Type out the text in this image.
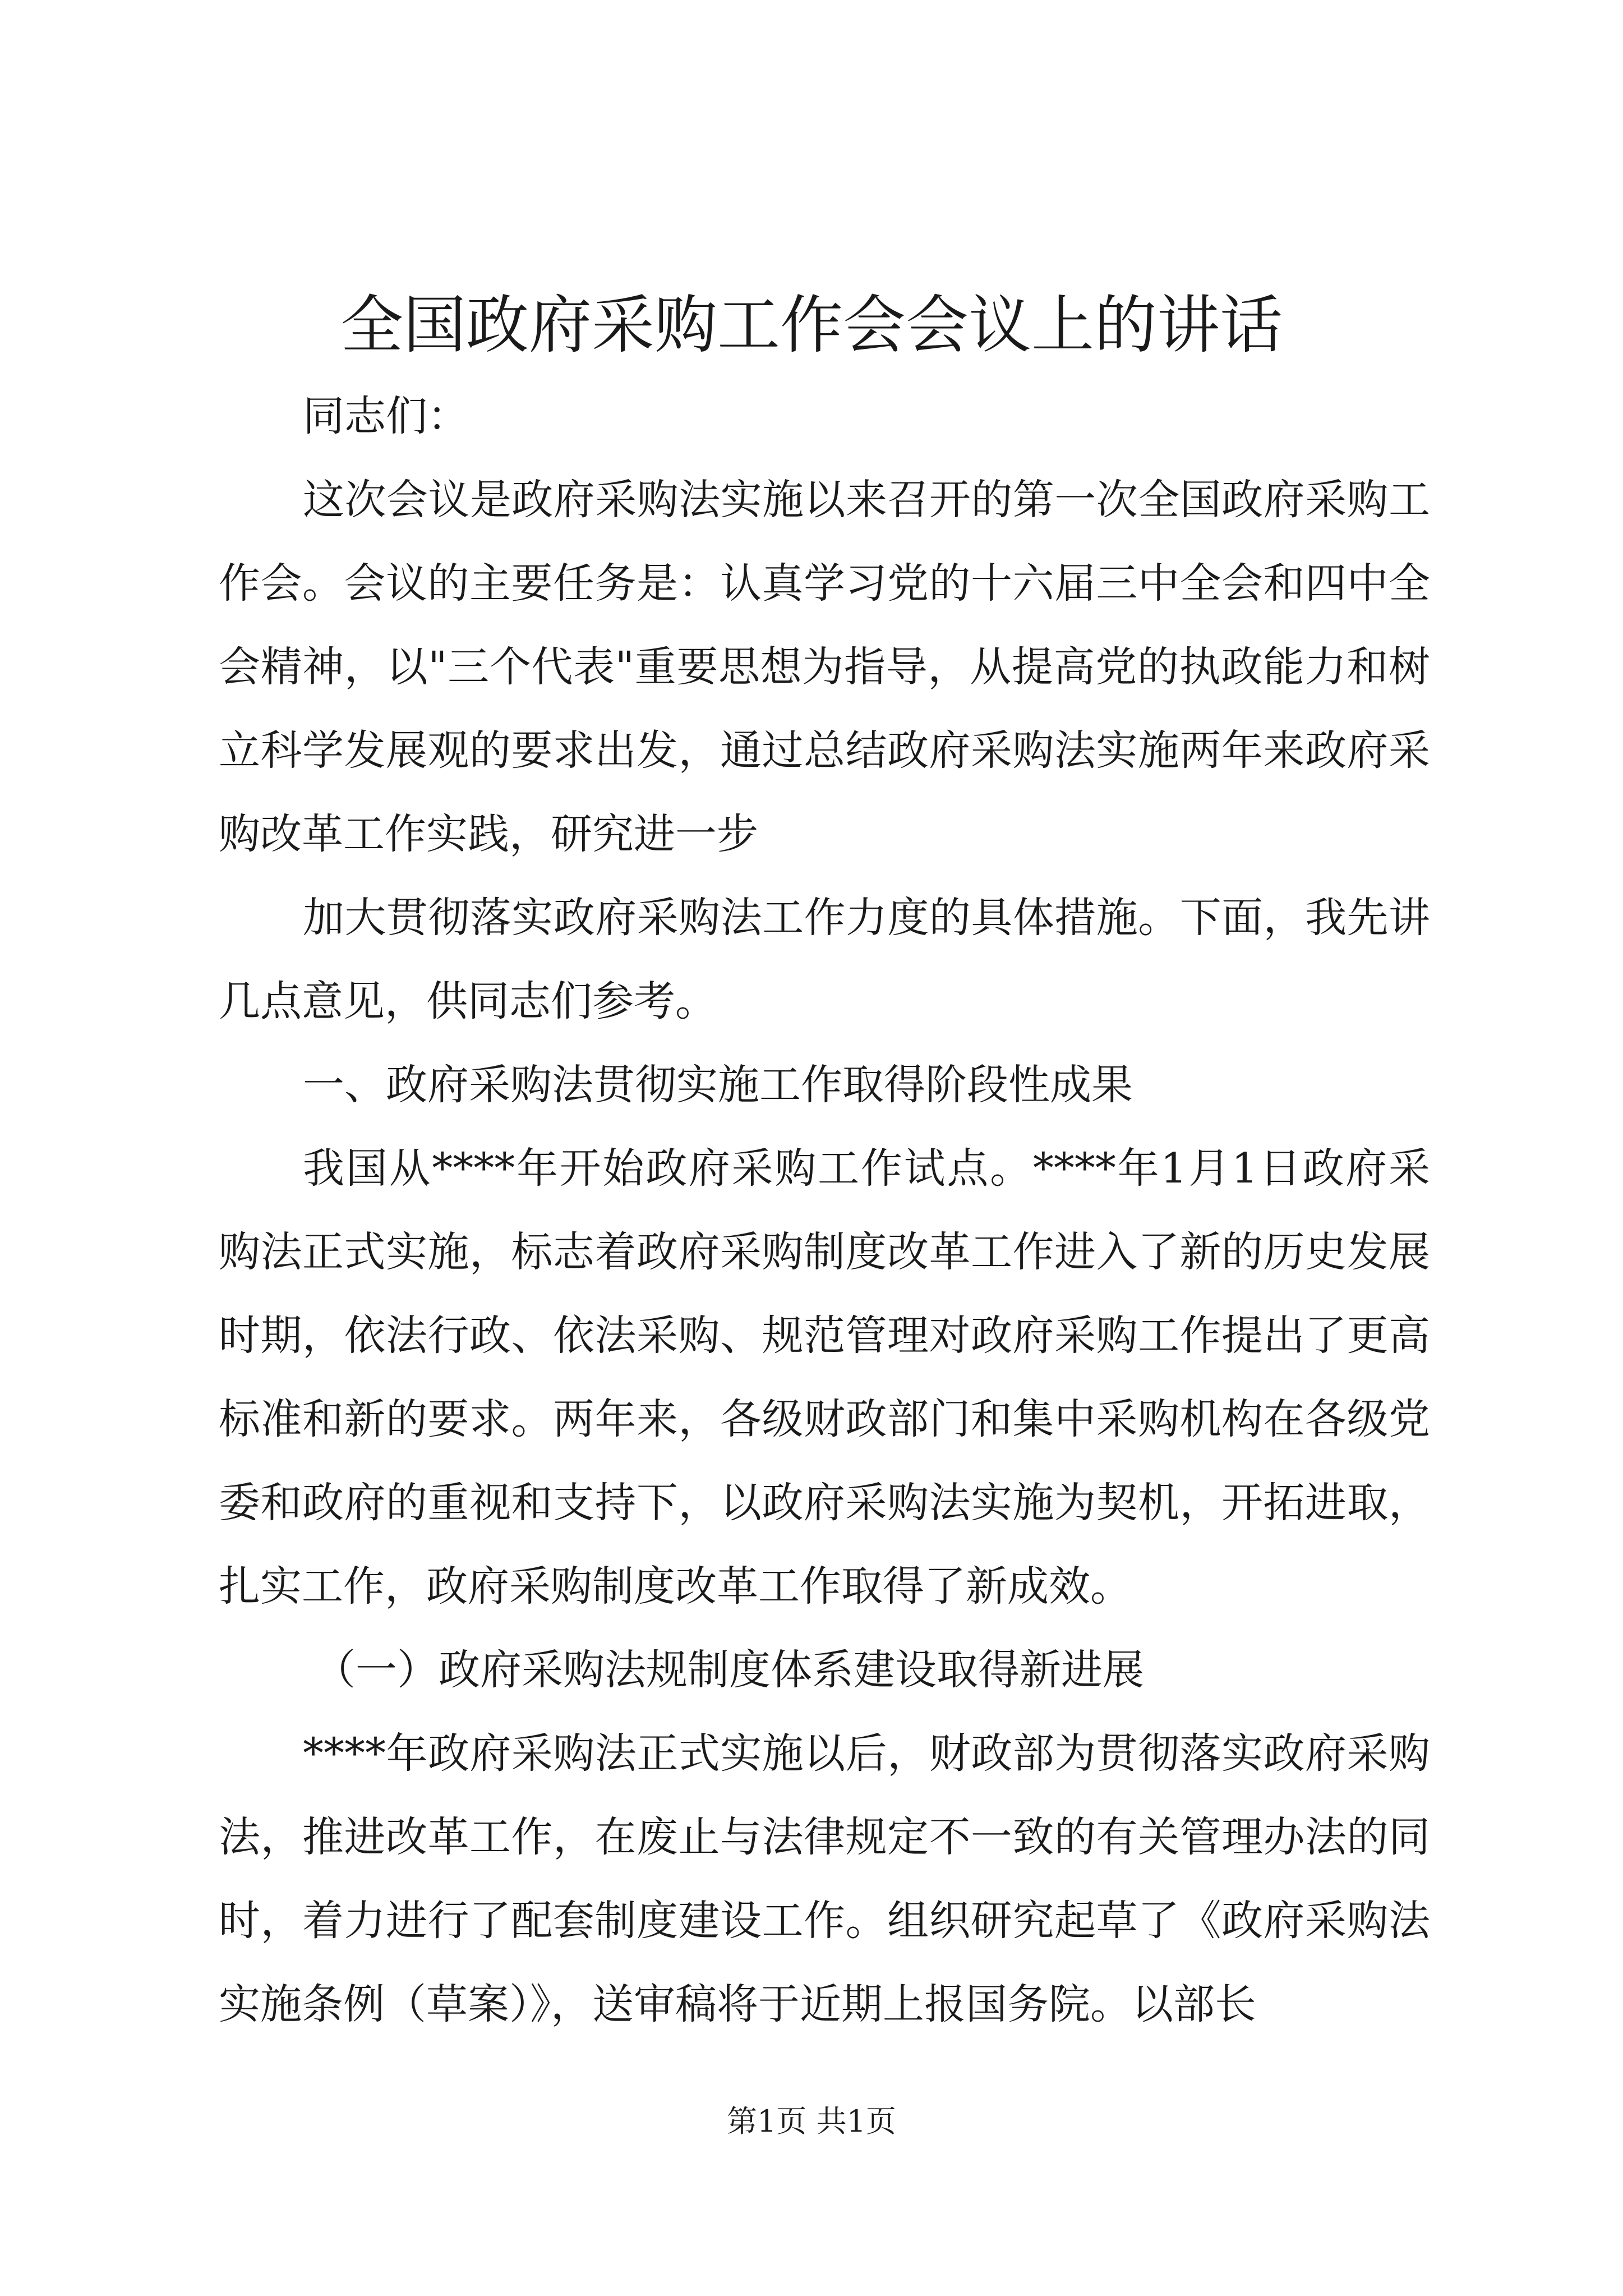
全国政府采购工作会会议上的讲话

同志们：

这次会议是政府采购法实施以来召开的第一次全国政府采购工作会。会议的主要任务是：认真学习党的十六届三中全会和四中全会精神，以"三个代表"重要思想为指导，从提高党的执政能力和树立科学发展观的要求出发，通过总结政府采购法实施两年来政府采购改革工作实践，研究进一步

加大贯彻落实政府采购法工作力度的具体措施。下面，我先讲几点意见，供同志们参考。

一、政府采购法贯彻实施工作取得阶段性成果

我国从****年开始政府采购工作试点。****年1月1日政府采购法正式实施，标志着政府采购制度改革工作进入了新的历史发展时期，依法行政、依法采购、规范管理对政府采购工作提出了更高标准和新的要求。两年来，各级财政部门和集中采购机构在各级党委和政府的重视和支持下，以政府采购法实施为契机，开拓进取，扎实工作，政府采购制度改革工作取得了新成效。

（一）政府采购法规制度体系建设取得新进展

****年政府采购法正式实施以后，财政部为贯彻落实政府采购法，推进改革工作，在废止与法律规定不一致的有关管理办法的同时，着力进行了配套制度建设工作。组织研究起草了《政府采购法实施条例（草案）》，送审稿将于近期上报国务院。以部长

第1页 共1页
